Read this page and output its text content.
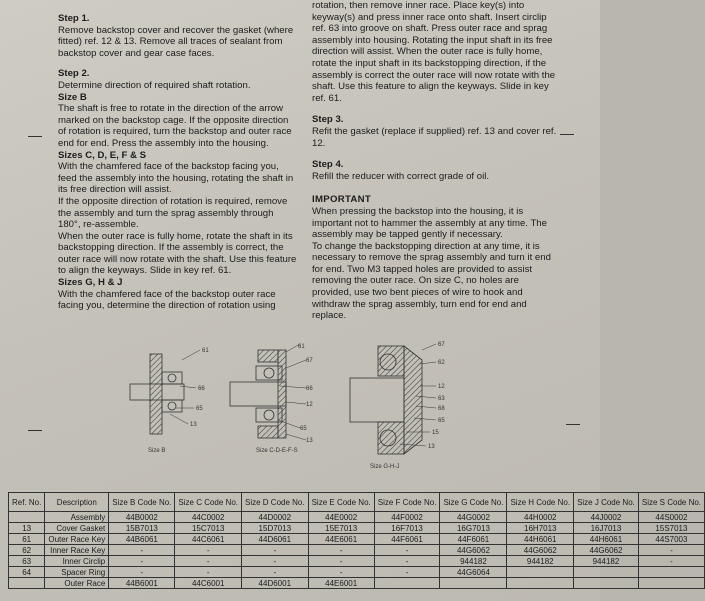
Step 1.

Remove backstop cover and recover the gasket (where fitted) ref. 12 & 13. Remove all traces of sealant from backstop cover and gear case faces.

Step 2.

Determine direction of required shaft rotation.

Size B

The shaft is free to rotate in the direction of the arrow marked on the backstop cage. If the opposite direction of rotation is required, turn the backstop and outer race end for end. Press the assembly into the housing.

Sizes C, D, E, F & S

With the chamfered face of the backstop facing you, feed the assembly into the housing, rotating the shaft in its free direction will assist.

If the opposite direction of rotation is required, remove the assembly and turn the sprag assembly through 180°, re-assemble.

When the outer race is fully home, rotate the shaft in its backstopping direction. If the assembly is correct, the outer race will now rotate with the shaft. Use this feature to align the keyways. Slide in key ref. 61.

Sizes G, H & J

With the chamfered face of the backstop outer race facing you, determine the direction of rotation using

rotation, then remove inner race. Place key(s) into keyway(s) and press inner race onto shaft. Insert circlip ref. 63 into groove on shaft. Press outer race and sprag assembly into housing. Rotating the input shaft in its free direction will assist. When the outer race is fully home, rotate the input shaft in its backstopping direction, if the assembly is correct the outer race will now rotate with the shaft. Use this feature to align the keyways. Slide in key ref. 61.

Step 3.

Refit the gasket (replace if supplied) ref. 13 and cover ref. 12.

Step 4.

Refill the reducer with correct grade of oil.

IMPORTANT

When pressing the backstop into the housing, it is important not to hammer the assembly at any time. The assembly may be tapped gently if necessary.

To change the backstopping direction at any time, it is necessary to remove the sprag assembly and turn it end for end. Two M3 tapped holes are provided to assist removing the outer race. On size C, no holes are provided, use two bent pieces of wire to hook and withdraw the sprag assembly, turn end for end and replace.

61
66
65
13
Size B
61
67
66
12
65
13
Size C-D-E-F-S
67
62
12
63
68
65
15
13
Size G-H-J
Ref. No.	Description	Size B Code No.	Size C Code No.	Size D Code No.	Size E Code No.	Size F Code No.	Size G Code No.	Size H Code No.	Size J Code No.	Size S Code No.
	Assembly	44B0002	44C0002	44D0002	44E0002	44F0002	44G0002	44H0002	44J0002	44S0002
13	Cover Gasket	15B7013	15C7013	15D7013	15E7013	16F7013	16G7013	16H7013	16J7013	15S7013
61	Outer Race Key	44B6061	44C6061	44D6061	44E6061	44F6061	44F6061	44H6061	44H6061	44S7003
62	Inner Race Key	-	-	-	-	-	44G6062	44G6062	44G6062	-
63	Inner Circlip	-	-	-	-	-	944182	944182	944182	-
64	Spacer Ring	-	-	-	-	-	44G6064			
	Outer Race	44B6001	44C6001	44D6001	44E6001					
